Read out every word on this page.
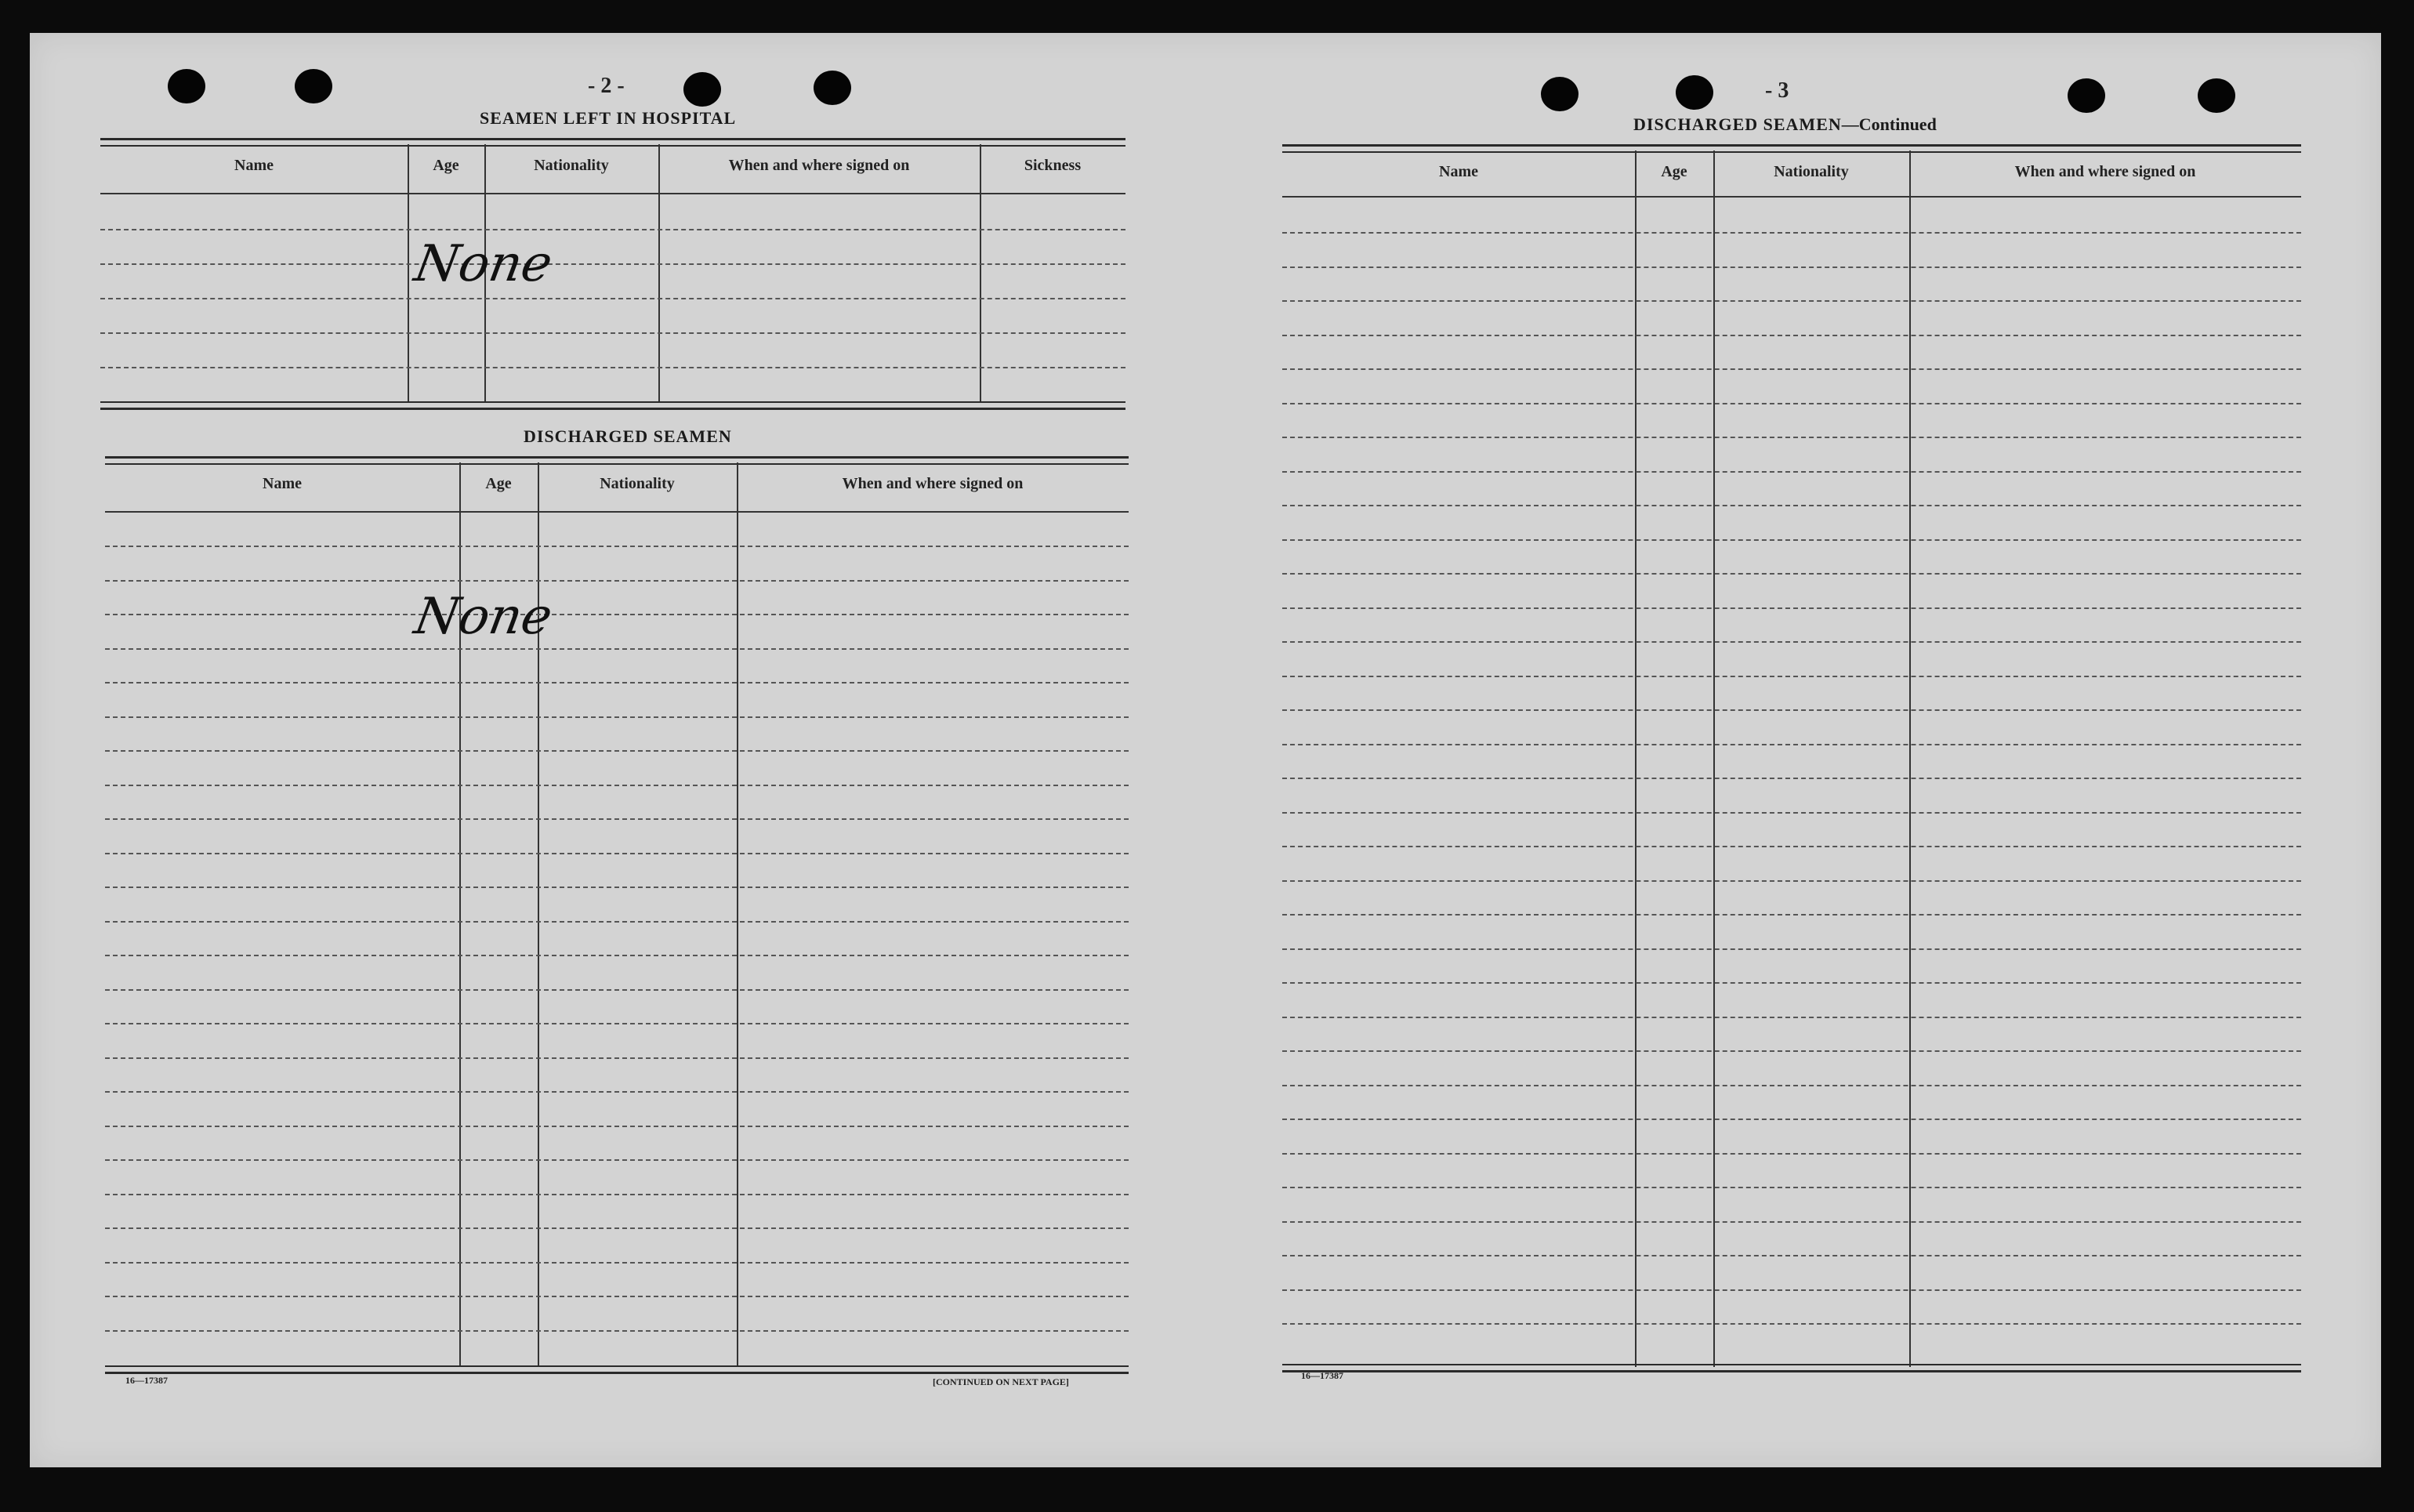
- 2 -
SEAMEN LEFT IN HOSPITAL
Name	Age	Nationality	When and where signed on	Sickness
None
DISCHARGED SEAMEN
Name	Age	Nationality	When and where signed on
None
16—17387	[CONTINUED ON NEXT PAGE]
- 3
DISCHARGED SEAMEN—Continued
Name	Age	Nationality	When and where signed on
16—17387
